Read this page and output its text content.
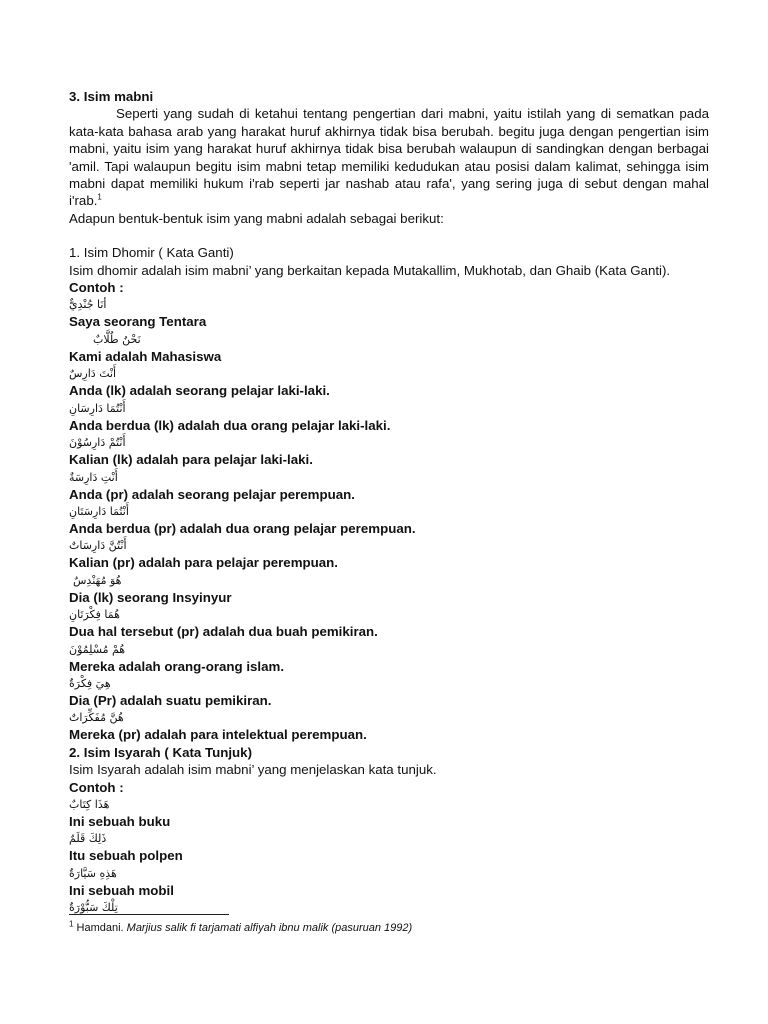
3. Isim mabni
Seperti yang sudah di ketahui tentang pengertian dari mabni, yaitu istilah yang di sematkan pada
kata-kata bahasa arab yang harakat huruf akhirnya tidak bisa berubah. begitu juga dengan pengertian isim
mabni, yaitu isim yang harakat huruf akhirnya tidak bisa berubah walaupun di sandingkan dengan berbagai
'amil. Tapi walaupun begitu isim mabni tetap memiliki kedudukan atau posisi dalam kalimat, sehingga isim
mabni dapat memiliki hukum i'rab seperti jar nashab atau rafa', yang sering juga di sebut dengan mahal
i'rab.$^1$
Adapun bentuk-bentuk isim yang mabni adalah sebagai berikut:
1. Isim Dhomir ( Kata Ganti)
Isim dhomir adalah isim mabni’ yang berkaitan kepada Mutakallim, Mukhotab, dan Ghaib (Kata Ganti).
Contoh :
أنَا جُنْدِيٌّ
Saya seorang Tentara
نَحْنُ طُلَّابٌ
Kami adalah Mahasiswa
أَنْتَ دَارِسٌ
Anda (lk) adalah seorang pelajar laki-laki.
أَنْتُمَا دَارِسَانِ
Anda berdua (lk) adalah dua orang pelajar laki-laki.
أَنْتُمْ دَارِسُوْنَ
Kalian (lk) adalah para pelajar laki-laki.
أَنْتِ دَارِسَةٌ
Anda (pr) adalah seorang pelajar perempuan.
أَنْتُمَا دَارِسَتَانِ
Anda berdua (pr) adalah dua orang pelajar perempuan.
أَنْتُنَّ دَارِسَاتٌ
Kalian (pr) adalah para pelajar perempuan.
هُوَ مُهَنْدِسٌ
Dia (lk) seorang Insyinyur
هُمَا فِكْرَتَانِ
Dua hal tersebut (pr) adalah dua buah pemikiran.
هُمْ مُسْلِمُوْنَ
Mereka adalah orang-orang islam.
هِيَ فِكْرَةٌ
Dia (Pr) adalah suatu pemikiran.
هُنَّ مُفَكِّرَاتٌ
Mereka (pr) adalah para intelektual perempuan.
2. Isim Isyarah ( Kata Tunjuk)
Isim Isyarah adalah isim mabni’ yang menjelaskan kata tunjuk.
Contoh :
هَذَا كِتَابٌ
Ini sebuah buku
ذَلِكَ قَلَمٌ
Itu sebuah polpen
هَذِهِ سَيَّارَةٌ
Ini sebuah mobil
تِلْكَ سَبُّوْرَةٌ
$^1$ Hamdani. Marjius salik fi tarjamati alfiyah ibnu malik (pasuruan 1992)
